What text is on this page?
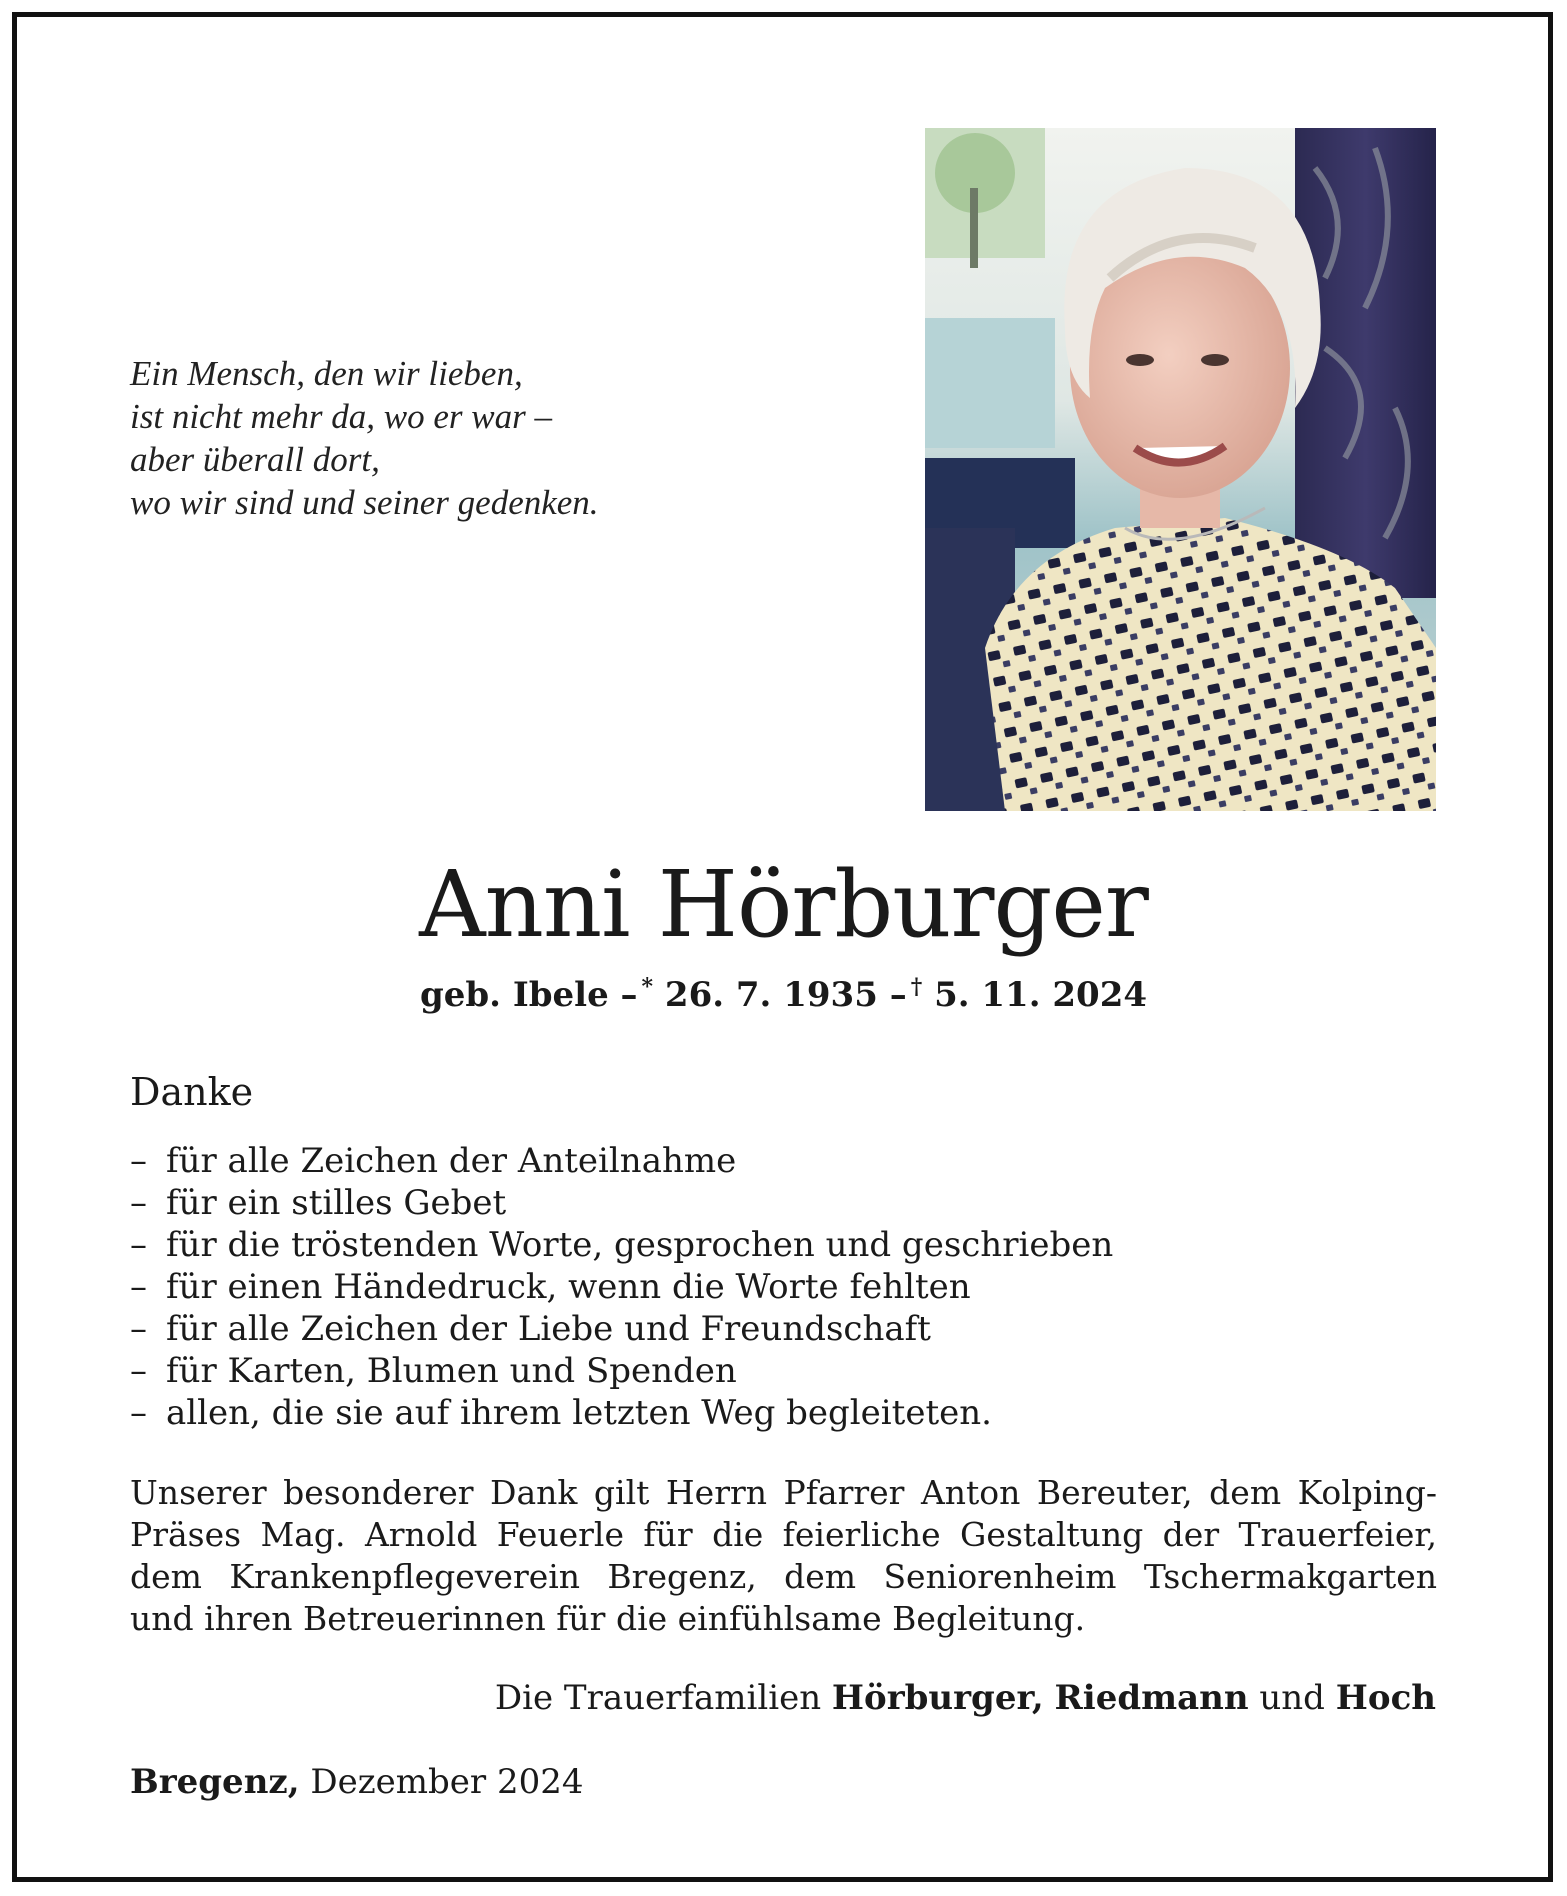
Ein Mensch, den wir lieben,
ist nicht mehr da, wo er war –
aber überall dort,
wo wir sind und seiner gedenken.
Anni Hörburger
geb. Ibele – * 26. 7. 1935 – † 5. 11. 2024
Danke
– für alle Zeichen der Anteilnahme
– für ein stilles Gebet
– für die tröstenden Worte, gesprochen und geschrieben
– für einen Händedruck, wenn die Worte fehlten
– für alle Zeichen der Liebe und Freundschaft
– für Karten, Blumen und Spenden
– allen, die sie auf ihrem letzten Weg begleiteten.
Unserer besonderer Dank gilt Herrn Pfarrer Anton Bereuter, dem Kolping-
Präses Mag. Arnold Feuerle für die feierliche Gestaltung der Trauerfeier,
dem Krankenpflegeverein Bregenz, dem Seniorenheim Tschermakgarten
und ihren Betreuerinnen für die einfühlsame Begleitung.
Die Trauerfamilien Hörburger, Riedmann und Hoch
Bregenz, Dezember 2024
